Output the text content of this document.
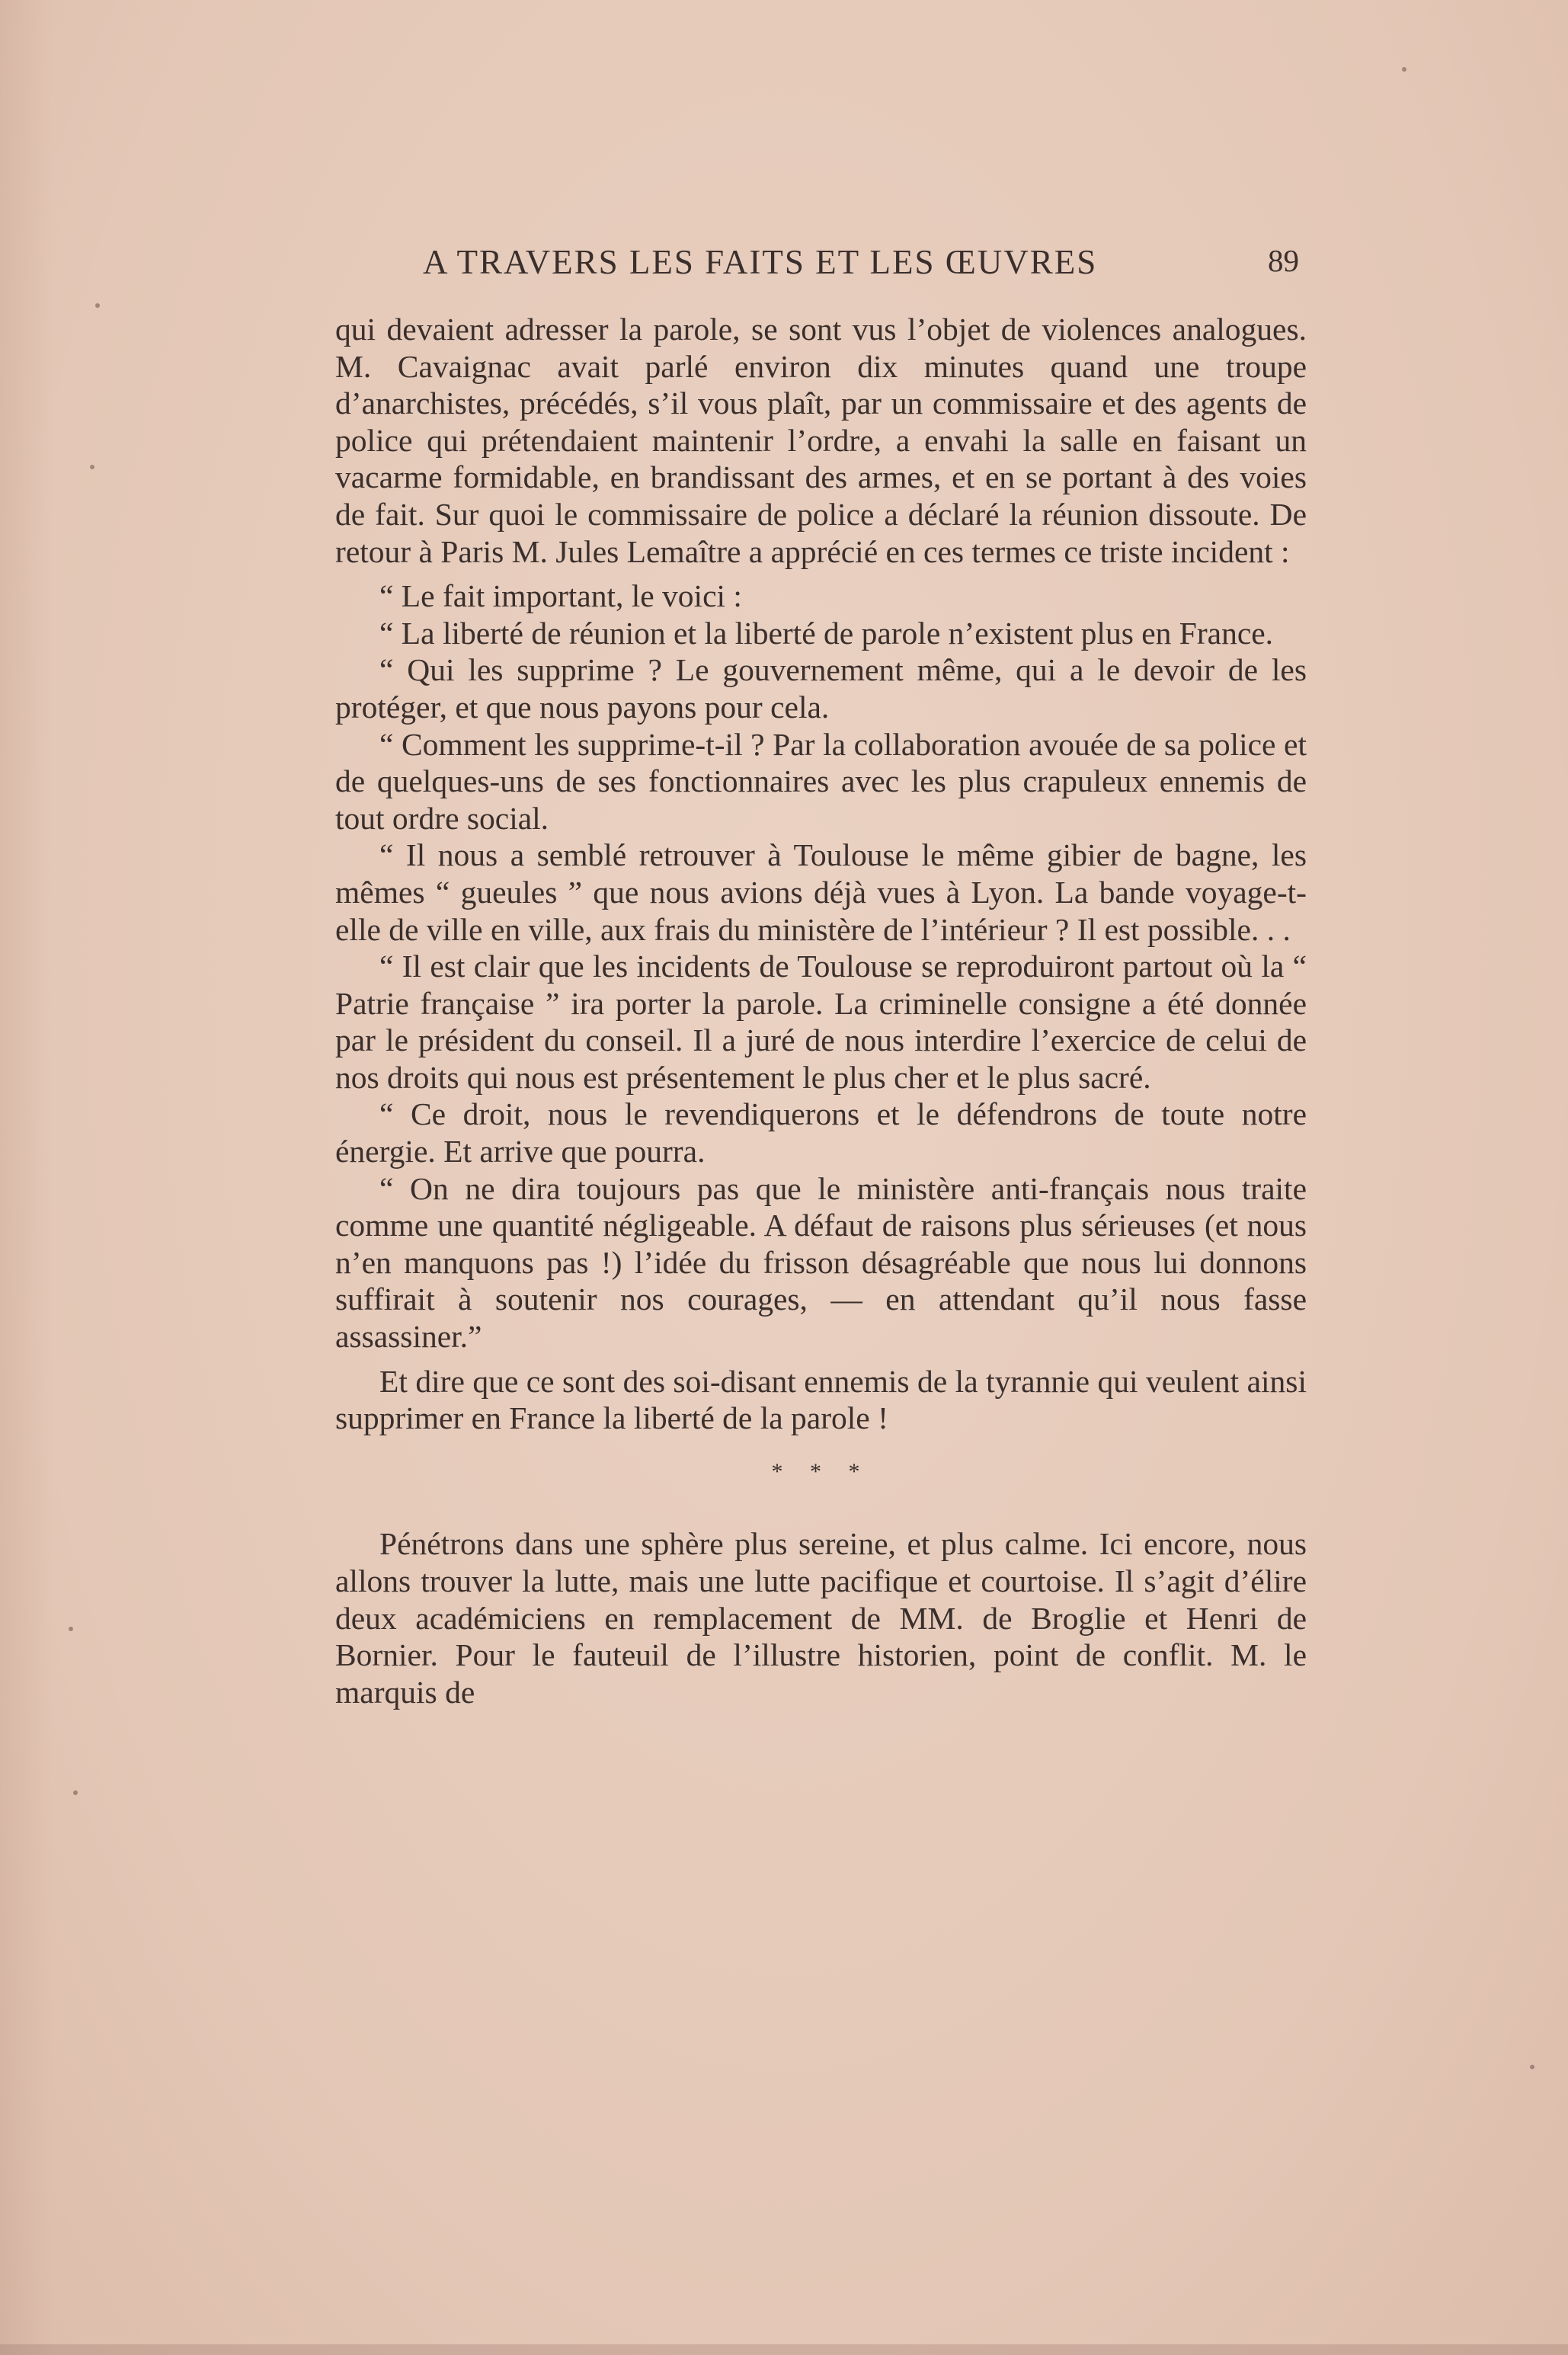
A TRAVERS LES FAITS ET LES ŒUVRES	89

qui devaient adresser la parole, se sont vus l’objet de violences analogues. M. Cavaignac avait parlé environ dix minutes quand une troupe d’anarchistes, précédés, s’il vous plaît, par un commissaire et des agents de police qui prétendaient maintenir l’ordre, a envahi la salle en faisant un vacarme formidable, en brandissant des armes, et en se portant à des voies de fait. Sur quoi le commissaire de police a déclaré la réunion dissoute. De retour à Paris M. Jules Lemaître a apprécié en ces termes ce triste incident :

“ Le fait important, le voici :

“ La liberté de réunion et la liberté de parole n’existent plus en France.

“ Qui les supprime ? Le gouvernement même, qui a le devoir de les protéger, et que nous payons pour cela.

“ Comment les supprime-t-il ? Par la collaboration avouée de sa police et de quelques-uns de ses fonctionnaires avec les plus crapuleux ennemis de tout ordre social.

“ Il nous a semblé retrouver à Toulouse le même gibier de bagne, les mêmes “ gueules ” que nous avions déjà vues à Lyon. La bande voyage-t-elle de ville en ville, aux frais du ministère de l’intérieur ? Il est possible. . .

“ Il est clair que les incidents de Toulouse se reproduiront partout où la “ Patrie française ” ira porter la parole. La criminelle consigne a été donnée par le président du conseil. Il a juré de nous interdire l’exercice de celui de nos droits qui nous est présentement le plus cher et le plus sacré.

“ Ce droit, nous le revendiquerons et le défendrons de toute notre énergie. Et arrive que pourra.

“ On ne dira toujours pas que le ministère anti-français nous traite comme une quantité négligeable. A défaut de raisons plus sérieuses (et nous n’en manquons pas !) l’idée du frisson désagréable que nous lui donnons suffirait à soutenir nos courages, — en attendant qu’il nous fasse assassiner.”

Et dire que ce sont des soi-disant ennemis de la tyrannie qui veulent ainsi supprimer en France la liberté de la parole !

* * *

Pénétrons dans une sphère plus sereine, et plus calme. Ici encore, nous allons trouver la lutte, mais une lutte pacifique et courtoise. Il s’agit d’élire deux académiciens en remplacement de MM. de Broglie et Henri de Bornier. Pour le fauteuil de l’illustre historien, point de conflit. M. le marquis de
